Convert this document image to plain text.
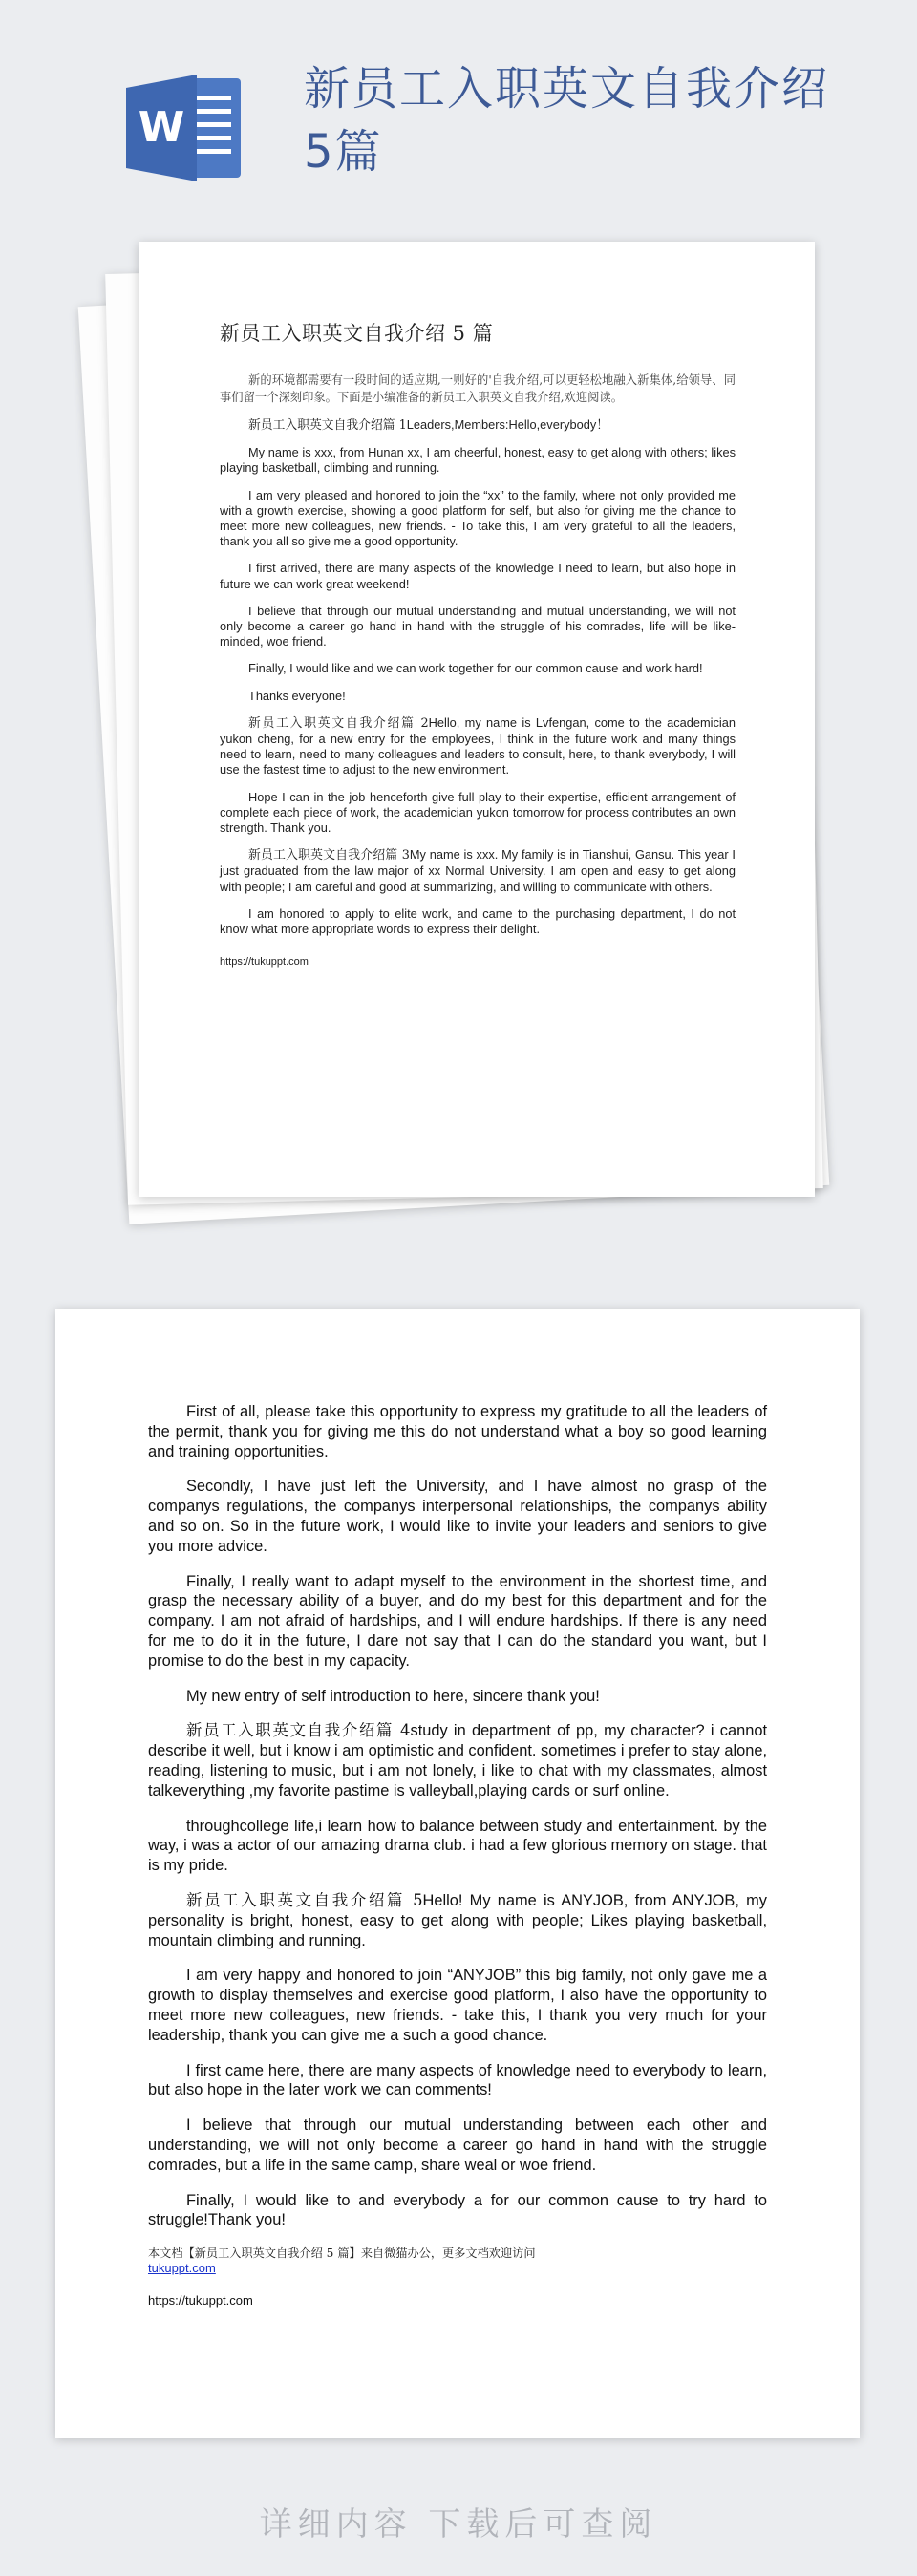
W
新员工入职英文自我介绍5篇
新员工入职英文自我介绍 5 篇

新的环境都需要有一段时间的适应期,一则好的'自我介绍,可以更轻松地融入新集体,给领导、同事们留一个深刻印象。下面是小编准备的新员工入职英文自我介绍,欢迎阅读。

新员工入职英文自我介绍篇 1Leaders,Members:Hello,everybody！

My name is xxx, from Hunan xx, I am cheerful, honest, easy to get along with others; likes playing basketball, climbing and running.

I am very pleased and honored to join the “xx” to the family, where not only provided me with a growth exercise, showing a good platform for self, but also for giving me the chance to meet more new colleagues, new friends. - To take this, I am very grateful to all the leaders, thank you all so give me a good opportunity.

I first arrived, there are many aspects of the knowledge I need to learn, but also hope in future we can work great weekend!

I believe that through our mutual understanding and mutual understanding, we will not only become a career go hand in hand with the struggle of his comrades, life will be like-minded, woe friend.

Finally, I would like and we can work together for our common cause and work hard!

Thanks everyone!

新员工入职英文自我介绍篇 2Hello, my name is Lvfengan, come to the academician yukon cheng, for a new entry for the employees, I think in the future work and many things need to learn, need to many colleagues and leaders to consult, here, to thank everybody, I will use the fastest time to adjust to the new environment.

Hope I can in the job henceforth give full play to their expertise, efficient arrangement of complete each piece of work, the academician yukon tomorrow for process contributes an own strength. Thank you.

新员工入职英文自我介绍篇 3My name is xxx. My family is in Tianshui, Gansu. This year I just graduated from the law major of xx Normal University. I am open and easy to get along with people; I am careful and good at summarizing, and willing to communicate with others.

I am honored to apply to elite work, and came to the purchasing department, I do not know what more appropriate words to express their delight.

https://tukuppt.com

First of all, please take this opportunity to express my gratitude to all the leaders of the permit, thank you for giving me this do not understand what a boy so good learning and training opportunities.

Secondly, I have just left the University, and I have almost no grasp of the companys regulations, the companys interpersonal relationships, the companys ability and so on. So in the future work, I would like to invite your leaders and seniors to give you more advice.

Finally, I really want to adapt myself to the environment in the shortest time, and grasp the necessary ability of a buyer, and do my best for this department and for the company. I am not afraid of hardships, and I will endure hardships. If there is any need for me to do it in the future, I dare not say that I can do the standard you want, but I promise to do the best in my capacity.

My new entry of self introduction to here, sincere thank you!

新员工入职英文自我介绍篇 4study in department of pp, my character? i cannot describe it well, but i know i am optimistic and confident. sometimes i prefer to stay alone, reading, listening to music, but i am not lonely, i like to chat with my classmates, almost talkeverything ,my favorite pastime is valleyball,playing cards or surf online.

throughcollege life,i learn how to balance between study and entertainment. by the way, i was a actor of our amazing drama club. i had a few glorious memory on stage. that is my pride.

新员工入职英文自我介绍篇 5Hello! My name is ANYJOB, from ANYJOB, my personality is bright, honest, easy to get along with people; Likes playing basketball, mountain climbing and running.

I am very happy and honored to join “ANYJOB” this big family, not only gave me a growth to display themselves and exercise good platform, I also have the opportunity to meet more new colleagues, new friends. - take this, I thank you very much for your leadership, thank you can give me a such a good chance.

I first came here, there are many aspects of knowledge need to everybody to learn, but also hope in the later work we can comments!

I believe that through our mutual understanding between each other and understanding, we will not only become a career go hand in hand with the struggle comrades, but a life in the same camp, share weal or woe friend.

Finally, I would like to and everybody a for our common cause to try hard to struggle!Thank you!

本文档【新员工入职英文自我介绍 5 篇】来自微猫办公，更多文档欢迎访问

tukuppt.com

https://tukuppt.com

详细内容 下载后可查阅
